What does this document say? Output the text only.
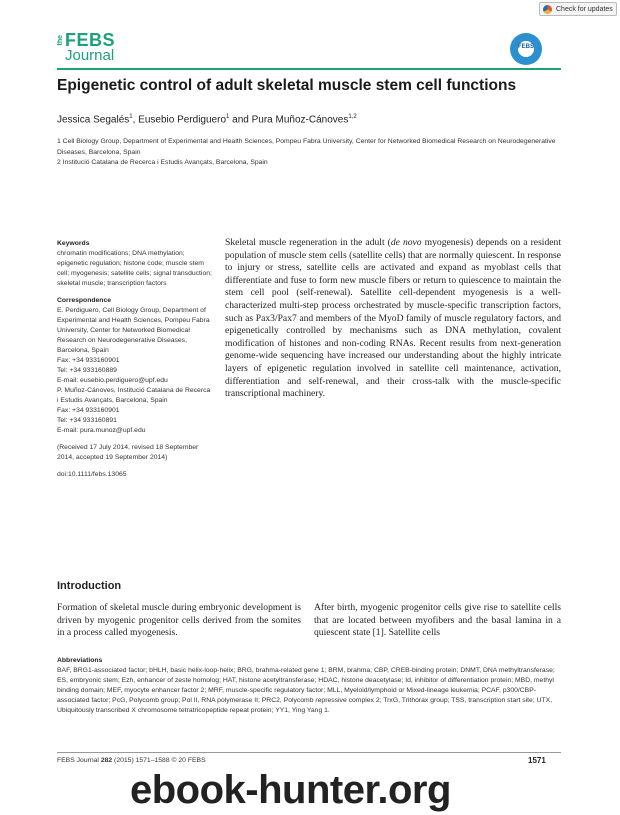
Check for updates
the FEBS
Journal	FEBS
Epigenetic control of adult skeletal muscle stem cell functions
Jessica Segalés$^1$, Eusebio Perdiguero$^1$ and Pura Muñoz-Cánoves$^{1,2}$
1 Cell Biology Group, Department of Experimental and Health Sciences, Pompeu Fabra University, Center for Networked Biomedical Research on Neurodegenerative Diseases, Barcelona, Spain
2 Institució Catalana de Recerca i Estudis Avançats, Barcelona, Spain
Keywords
chromatin modifications; DNA methylation; epigenetic regulation; histone code; muscle stem cell; myogenesis; satellite cells; signal transduction; skeletal muscle; transcription factors
Correspondence
E. Perdiguero, Cell Biology Group, Department of Experimental and Health Sciences, Pompeu Fabra University, Center for Networked Biomedical Research on Neurodegenerative Diseases, Barcelona, Spain
Fax: +34 933160901
Tel: +34 933160889
E-mail: eusebio.perdiguero@upf.edu
P. Muñoz-Cánoves, Institució Catalana de Recerca i Estudis Avançats, Barcelona, Spain
Fax: +34 933160901
Tel: +34 933160891
E-mail: pura.munoz@upf.edu
(Received 17 July 2014, revised 18 September 2014, accepted 19 September 2014)
doi:10.1111/febs.13065
Skeletal muscle regeneration in the adult (de novo myogenesis) depends on a resident population of muscle stem cells (satellite cells) that are normally quiescent. In response to injury or stress, satellite cells are activated and expand as myoblast cells that differentiate and fuse to form new muscle fibers or return to quiescence to maintain the stem cell pool (self-renewal). Satellite cell-dependent myogenesis is a well-characterized multi-step process orchestrated by muscle-specific transcription factors, such as Pax3/Pax7 and members of the MyoD family of muscle regulatory factors, and epigenetically controlled by mechanisms such as DNA methylation, covalent modification of histones and non-coding RNAs. Recent results from next-generation genome-wide sequencing have increased our understanding about the highly intricate layers of epigenetic regulation involved in satellite cell maintenance, activation, differentiation and self-renewal, and their cross-talk with the muscle-specific transcriptional machinery.
Introduction
Formation of skeletal muscle during embryonic development is driven by myogenic progenitor cells derived from the somites in a process called myogenesis.
After birth, myogenic progenitor cells give rise to satellite cells that are located between myofibers and the basal lamina in a quiescent state [1]. Satellite cells
Abbreviations
BAF, BRG1-associated factor; bHLH, basic helix-loop-helix; BRG, brahma-related gene 1; BRM, brahma; CBP, CREB-binding protein; DNMT, DNA methyltransferase; ES, embryonic stem; Ezh, enhancer of zeste homolog; HAT, histone acetyltransferase; HDAC, histone deacetylase; Id, inhibitor of differentiation protein; MBD, methyl binding domain; MEF, myocyte enhancer factor 2; MRF, muscle-specific regulatory factor; MLL, Myeloid/lymphoid or Mixed-lineage leukemia; PCAF, p300/CBP-associated factor; PcG, Polycomb group; Pol II, RNA polymerase II; PRC2, Polycomb repressive complex 2; TrxG, Trithorax group; TSS, transcription start site; UTX, Ubiquitously transcribed X chromosome tetratricopeptide repeat protein; YY1, Ying Yang 1.
FEBS Journal 282 (2015) 1571–1588 © 20 FEBS	1571
ebook-hunter.org
